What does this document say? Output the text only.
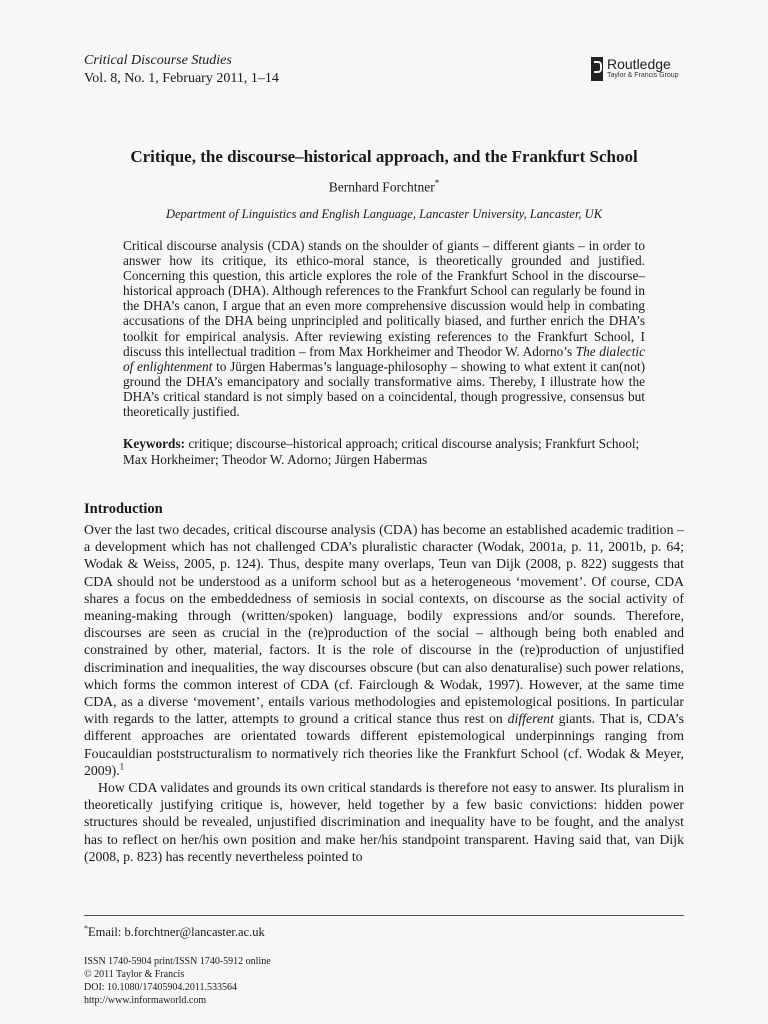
Critical Discourse Studies
Vol. 8, No. 1, February 2011, 1–14
Routledge
Taylor & Francis Group
Critique, the discourse–historical approach, and the Frankfurt School
Bernhard Forchtner*
Department of Linguistics and English Language, Lancaster University, Lancaster, UK

Critical discourse analysis (CDA) stands on the shoulder of giants – different giants – in order to answer how its critique, its ethico-moral stance, is theoretically grounded and justified. Concerning this question, this article explores the role of the Frankfurt School in the discourse–historical approach (DHA). Although references to the Frankfurt School can regularly be found in the DHA’s canon, I argue that an even more comprehensive discussion would help in combating accusations of the DHA being unprincipled and politically biased, and further enrich the DHA’s toolkit for empirical analysis. After reviewing existing references to the Frankfurt School, I discuss this intellectual tradition – from Max Horkheimer and Theodor W. Adorno’s The dialectic of enlightenment to Jürgen Habermas’s language-philosophy – showing to what extent it can(not) ground the DHA’s emancipatory and socially transformative aims. Thereby, I illustrate how the DHA’s critical standard is not simply based on a coincidental, though progressive, consensus but theoretically justified.

Keywords: critique; discourse–historical approach; critical discourse analysis; Frankfurt School; Max Horkheimer; Theodor W. Adorno; Jürgen Habermas

Introduction

Over the last two decades, critical discourse analysis (CDA) has become an established academic tradition – a development which has not challenged CDA’s pluralistic character (Wodak, 2001a, p. 11, 2001b, p. 64; Wodak & Weiss, 2005, p. 124). Thus, despite many overlaps, Teun van Dijk (2008, p. 822) suggests that CDA should not be understood as a uniform school but as a heterogeneous ‘movement’. Of course, CDA shares a focus on the embeddedness of semiosis in social contexts, on discourse as the social activity of meaning-making through (written/spoken) language, bodily expressions and/or sounds. Therefore, discourses are seen as crucial in the (re)production of the social – although being both enabled and constrained by other, material, factors. It is the role of discourse in the (re)production of unjustified discrimination and inequalities, the way discourses obscure (but can also denaturalise) such power relations, which forms the common interest of CDA (cf. Fairclough & Wodak, 1997). However, at the same time CDA, as a diverse ‘movement’, entails various methodologies and epistemological positions. In particular with regards to the latter, attempts to ground a critical stance thus rest on different giants. That is, CDA’s different approaches are orientated towards different epistemological underpinnings ranging from Foucauldian poststructuralism to normatively rich theories like the Frankfurt School (cf. Wodak & Meyer, 2009).$^1$

How CDA validates and grounds its own critical standards is therefore not easy to answer. Its pluralism in theoretically justifying critique is, however, held together by a few basic convictions: hidden power structures should be revealed, unjustified discrimination and inequality have to be fought, and the analyst has to reflect on her/his own position and make her/his standpoint transparent. Having said that, van Dijk (2008, p. 823) has recently nevertheless pointed to

*Email: b.forchtner@lancaster.ac.uk
ISSN 1740-5904 print/ISSN 1740-5912 online
© 2011 Taylor & Francis
DOI: 10.1080/17405904.2011.533564
http://www.informaworld.com
